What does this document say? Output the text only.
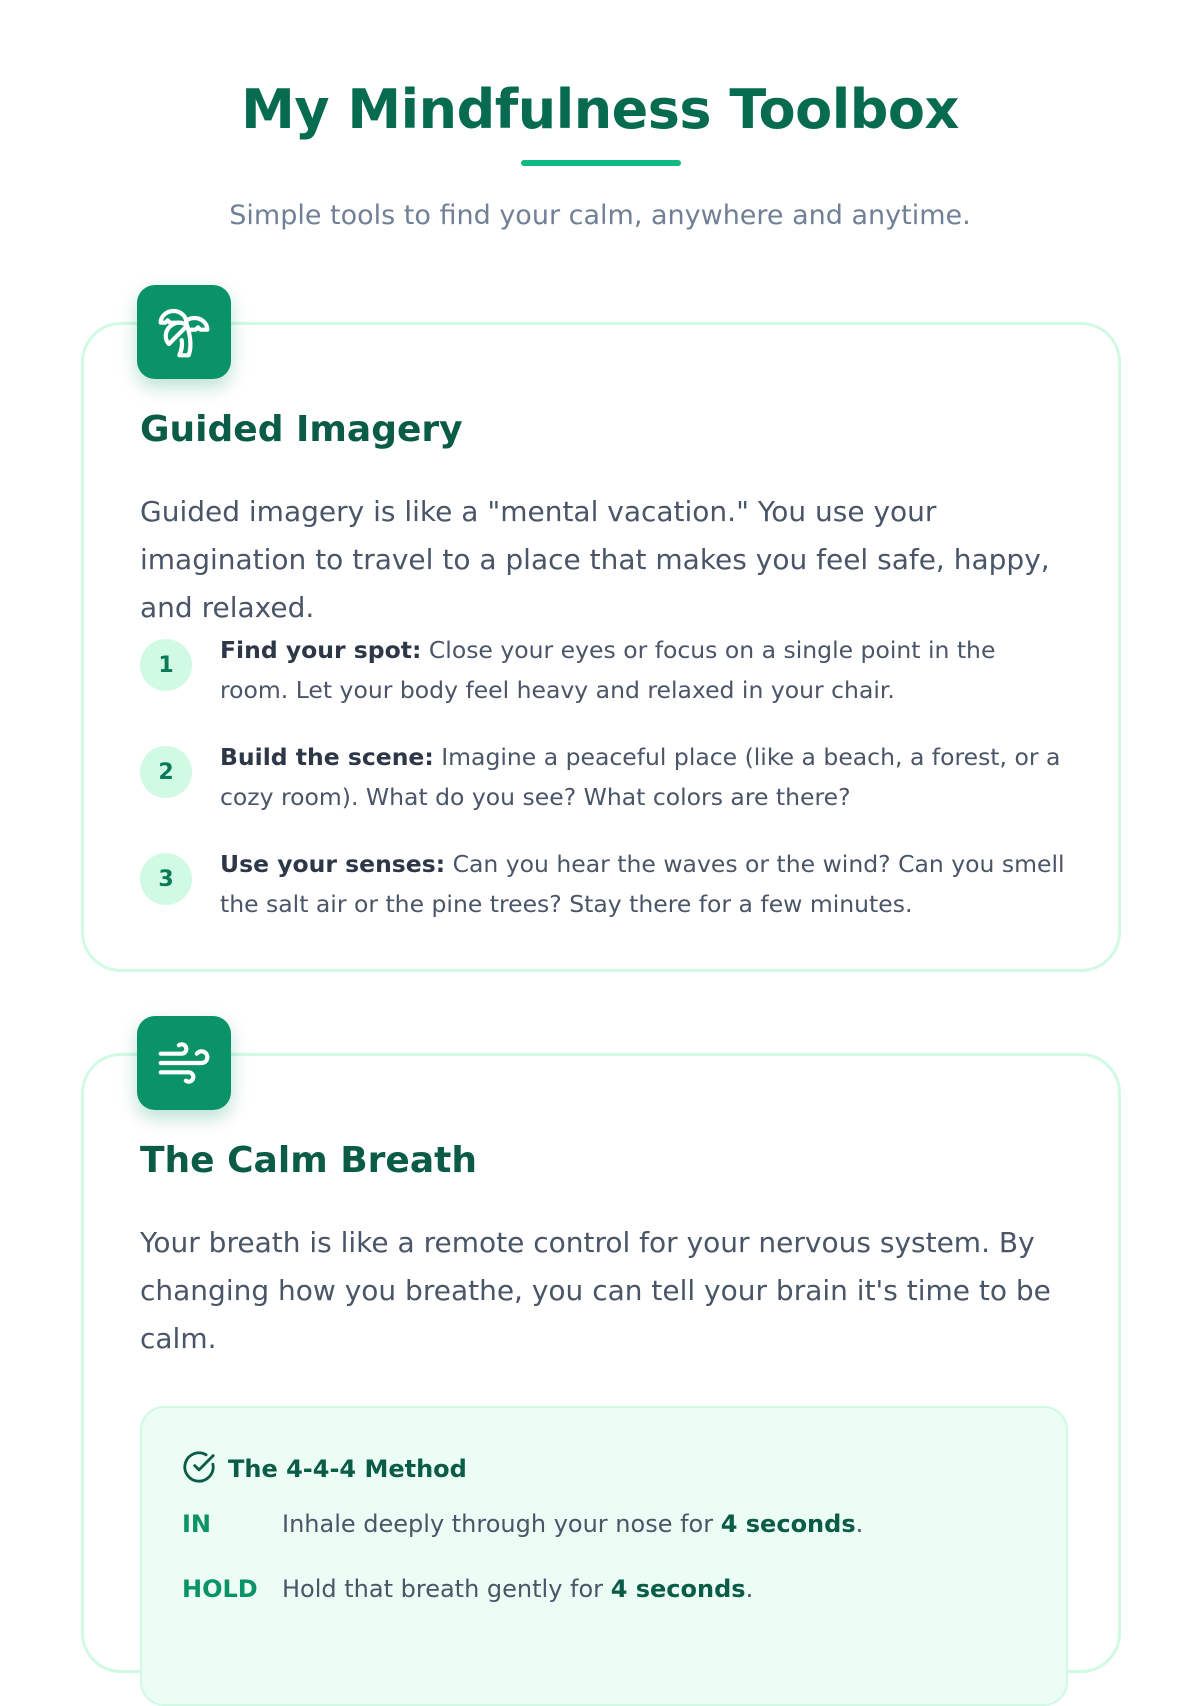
My Mindfulness Toolbox

Simple tools to find your calm, anywhere and anytime.

Guided Imagery

Guided imagery is like a "mental vacation." You use your imagination to travel to a place that makes you feel safe, happy, and relaxed.

1
Find your spot: Close your eyes or focus on a single point in the room. Let your body feel heavy and relaxed in your chair.
2
Build the scene: Imagine a peaceful place (like a beach, a forest, or a cozy room). What do you see? What colors are there?
3
Use your senses: Can you hear the waves or the wind? Can you smell the salt air or the pine trees? Stay there for a few minutes.
The Calm Breath

Your breath is like a remote control for your nervous system. By changing how you breathe, you can tell your brain it's time to be calm.

The 4-4-4 Method
IN	Inhale deeply through your nose for 4 seconds.
HOLD	Hold that breath gently for 4 seconds.
